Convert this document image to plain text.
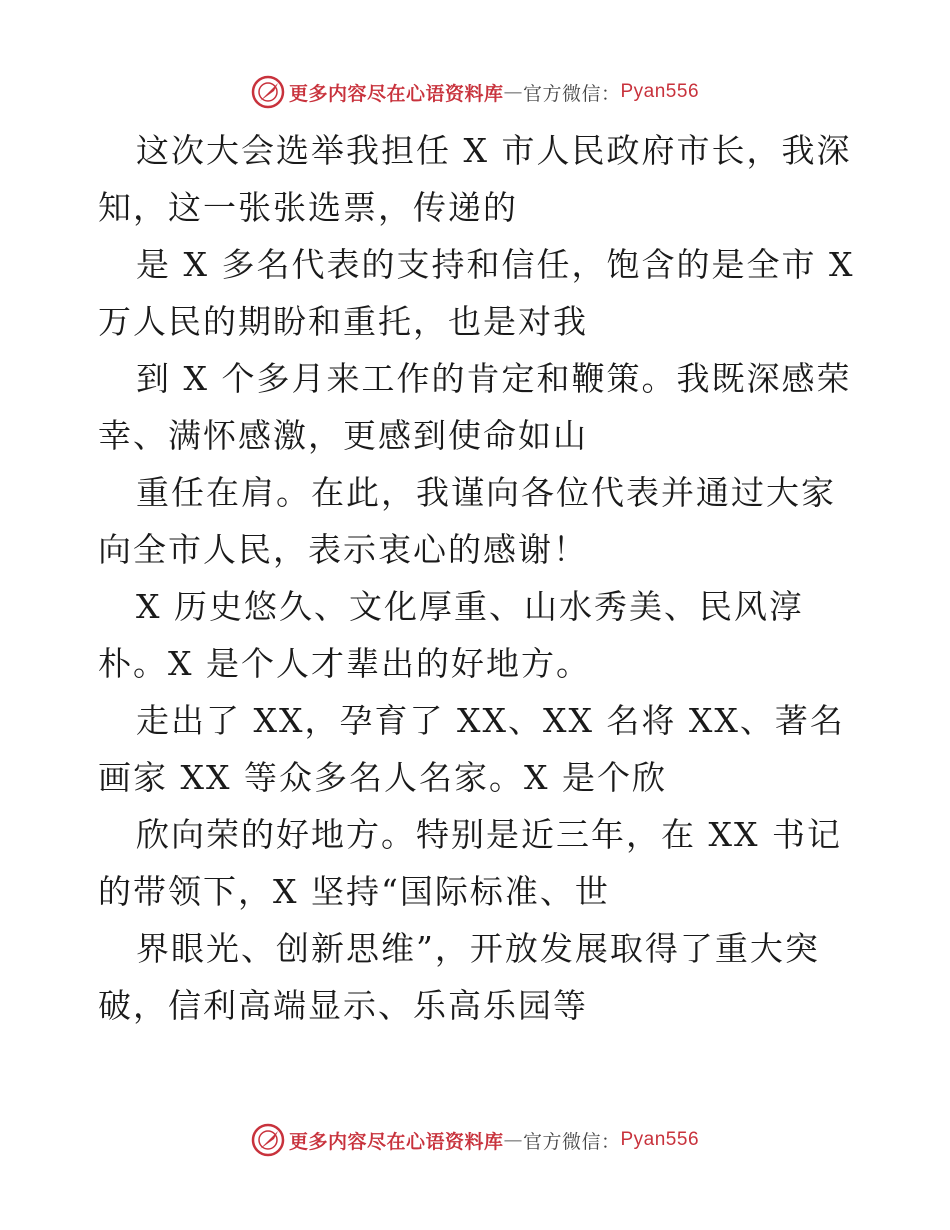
更多内容尽在心语资料库 — 官方微信： Pyan556

这次大会选举我担任 X 市人民政府市长，我深知，这一张张选票，传递的

是 X 多名代表的支持和信任，饱含的是全市 X 万人民的期盼和重托，也是对我

到 X 个多月来工作的肯定和鞭策。我既深感荣幸、满怀感激，更感到使命如山

重任在肩。在此，我谨向各位代表并通过大家向全市人民，表示衷心的感谢！

X 历史悠久、文化厚重、山水秀美、民风淳朴。X 是个人才辈出的好地方。

走出了 XX，孕育了 XX、XX 名将 XX、著名画家 XX 等众多名人名家。X 是个欣

欣向荣的好地方。特别是近三年，在 XX 书记的带领下，X 坚持“国际标准、世

界眼光、创新思维”，开放发展取得了重大突破，信利高端显示、乐高乐园等

更多内容尽在心语资料库 — 官方微信： Pyan556
